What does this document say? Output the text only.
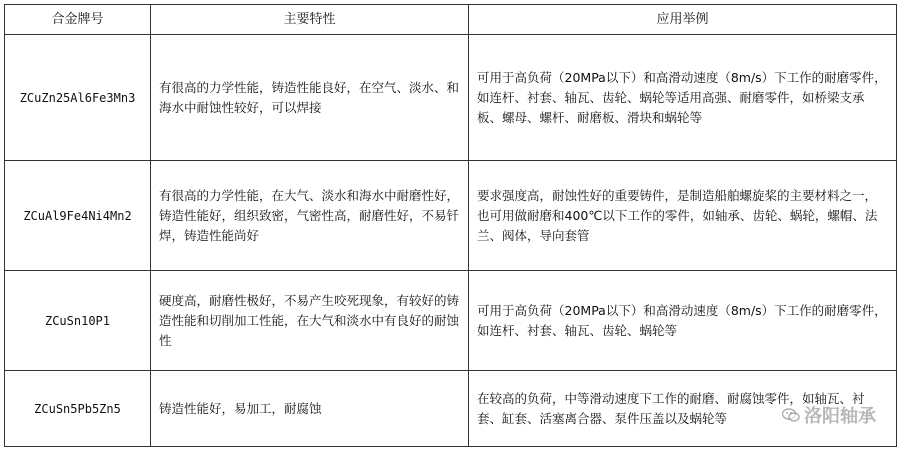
合金牌号	主要特性	应用举例
ZCuZn25Al6Fe3Mn3	有很高的力学性能，铸造性能良好，在空气、淡水、和海水中耐蚀性较好，可以焊接	可用于高负荷（20MPa以下）和高滑动速度（8m/s）下工作的耐磨零件，如连杆、衬套、轴瓦、齿轮、蜗轮等适用高强、耐磨零件，如桥梁支承板、螺母、螺杆、耐磨板、滑块和蜗轮等
ZCuAl9Fe4Ni4Mn2	有很高的力学性能，在大气、淡水和海水中耐磨性好，铸造性能好，组织致密，气密性高，耐磨性好，不易钎焊，铸造性能尚好	要求强度高，耐蚀性好的重要铸件，是制造船舶螺旋桨的主要材料之一，也可用做耐磨和400℃以下工作的零件，如轴承、齿轮、蜗轮，螺帽、法兰、阀体，导向套管
ZCuSn10P1	硬度高，耐磨性极好，不易产生咬死现象，有较好的铸造性能和切削加工性能，在大气和淡水中有良好的耐蚀性	可用于高负荷（20MPa以下）和高滑动速度（8m/s）下工作的耐磨零件，如连杆、衬套、轴瓦、齿轮、蜗轮等
ZCuSn5Pb5Zn5	铸造性能好，易加工，耐腐蚀	在较高的负荷，中等滑动速度下工作的耐磨、耐腐蚀零件，如轴瓦、衬套、缸套、活塞离合器、泵件压盖以及蜗轮等	洛阳轴承
